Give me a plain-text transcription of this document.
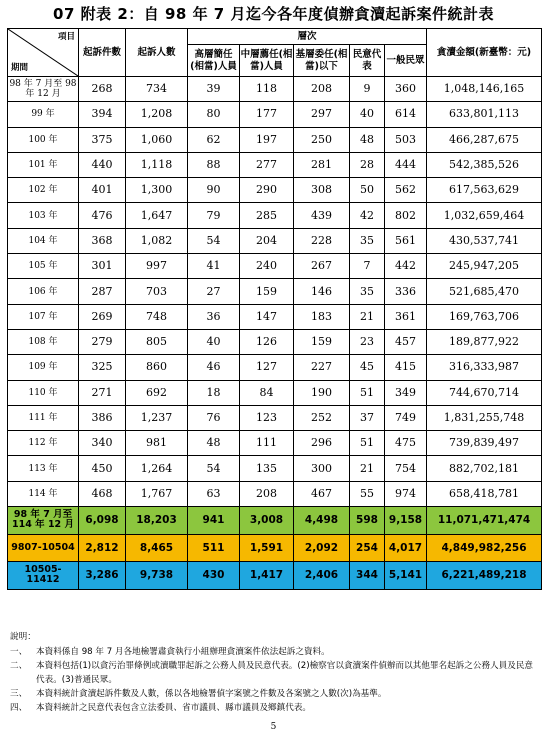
07 附表 2：自 98 年 7 月迄今各年度偵辦貪瀆起訴案件統計表
項目
期間	起訴件數	起訴人數	層次					貪瀆金額(新臺幣：元)
			高層簡任(相當)人員	中層薦任(相當)人員	基層委任(相當)以下	民意代表	一般民眾	
98 年 7 月至 98 年 12 月	268	734	39	118	208	9	360	1,048,146,165
99 年	394	1,208	80	177	297	40	614	633,801,113
100 年	375	1,060	62	197	250	48	503	466,287,675
101 年	440	1,118	88	277	281	28	444	542,385,526
102 年	401	1,300	90	290	308	50	562	617,563,629
103 年	476	1,647	79	285	439	42	802	1,032,659,464
104 年	368	1,082	54	204	228	35	561	430,537,741
105 年	301	997	41	240	267	7	442	245,947,205
106 年	287	703	27	159	146	35	336	521,685,470
107 年	269	748	36	147	183	21	361	169,763,706
108 年	279	805	40	126	159	23	457	189,877,922
109 年	325	860	46	127	227	45	415	316,333,987
110 年	271	692	18	84	190	51	349	744,670,714
111 年	386	1,237	76	123	252	37	749	1,831,255,748
112 年	340	981	48	111	296	51	475	739,839,497
113 年	450	1,264	54	135	300	21	754	882,702,181
114 年	468	1,767	63	208	467	55	974	658,418,781
98 年 7 月至 114 年 12 月	6,098	18,203	941	3,008	4,498	598	9,158	11,071,471,474
9807-10504	2,812	8,465	511	1,591	2,092	254	4,017	4,849,982,256
10505-11412	3,286	9,738	430	1,417	2,406	344	5,141	6,221,489,218
說明：
一、	本資料係自 98 年 7 月各地檢署肅貪執行小組辦理貪瀆案件依法起訴之資料。
二、	本資料包括(1)以貪污治罪條例或瀆職罪起訴之公務人員及民意代表。(2)檢察官以貪瀆案件偵辦而以其他罪名起訴之公務人員及民意代表。(3)普通民眾。
三、	本資料統計貪瀆起訴件數及人數，係以各地檢署偵字案號之件數及各案號之人數(次)為基準。
四、	本資料統計之民意代表包含立法委員、省市議員、縣市議員及鄉鎮代表。
5
